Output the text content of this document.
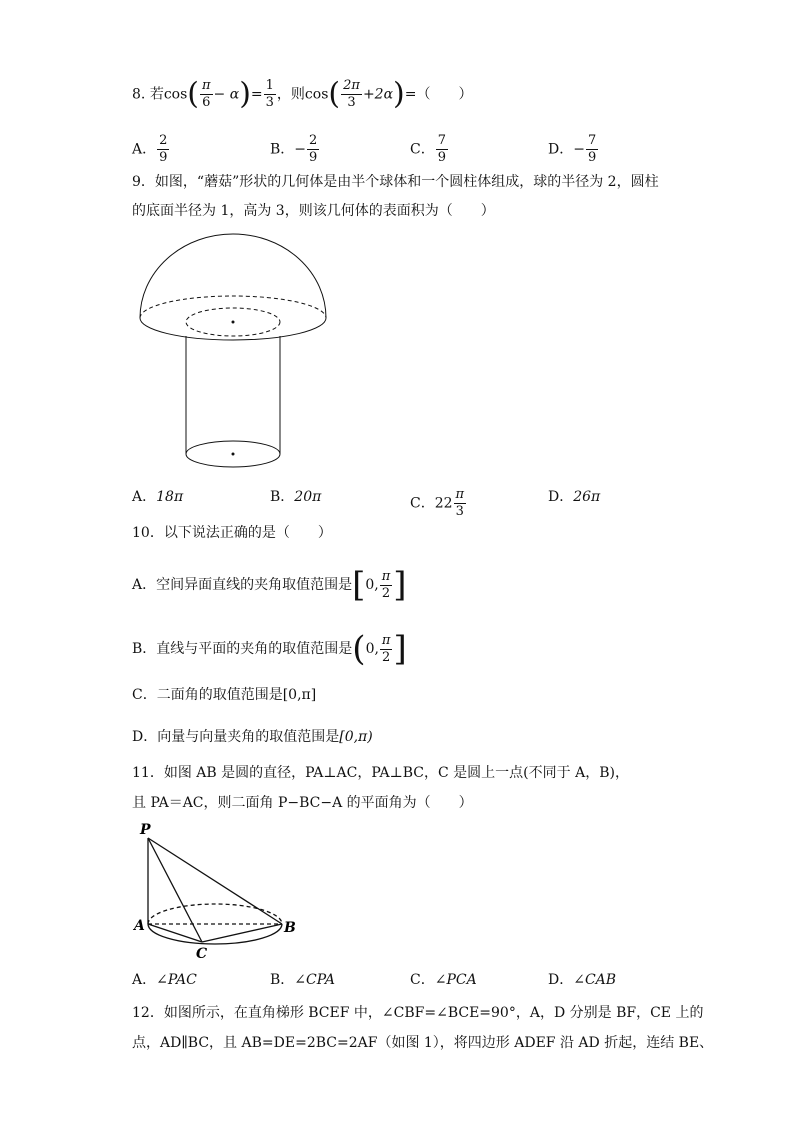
8. 若$\cos( \frac{\pi}{6} - \alpha)= \frac{1}{3}$ ，则$\cos( \frac{2\pi}{3} +2\alpha)=$（　　）
A． $\frac{2}{9}$	B．− $\frac{2}{9}$	C． $\frac{7}{9}$	D．− $\frac{7}{9}$
9．如图，“蘑菇”形状的几何体是由半个球体和一个圆柱体组成，球的半径为 2，圆柱
的底面半径为 1，高为 3，则该几何体的表面积为（　　）
A．18π	B．20π	C．$22 \frac{\pi}{3}$	D．26π
10．以下说法正确的是（　　）
A．空间异面直线的夹角取值范围是[0, $\frac{\pi}{2}$ ]
B．直线与平面的夹角的取值范围是(0, $\frac{\pi}{2}$ ]
C．二面角的取值范围是[0,π]
D．向量与向量夹角的取值范围是[0,π)
11．如图 AB 是圆的直径，PA⊥AC，PA⊥BC，C 是圆上一点(不同于 A，B)，
且 PA＝AC，则二面角 P−BC−A 的平面角为（　　）
P
A	B
C
A．∠PAC	B．∠CPA	C．∠PCA	D．∠CAB
12．如图所示，在直角梯形 BCEF 中，∠CBF=∠BCE=90°，A，D 分别是 BF，CE 上的
点，AD∥BC，且 AB=DE=2BC=2AF（如图 1），将四边形 ADEF 沿 AD 折起，连结 BE、
